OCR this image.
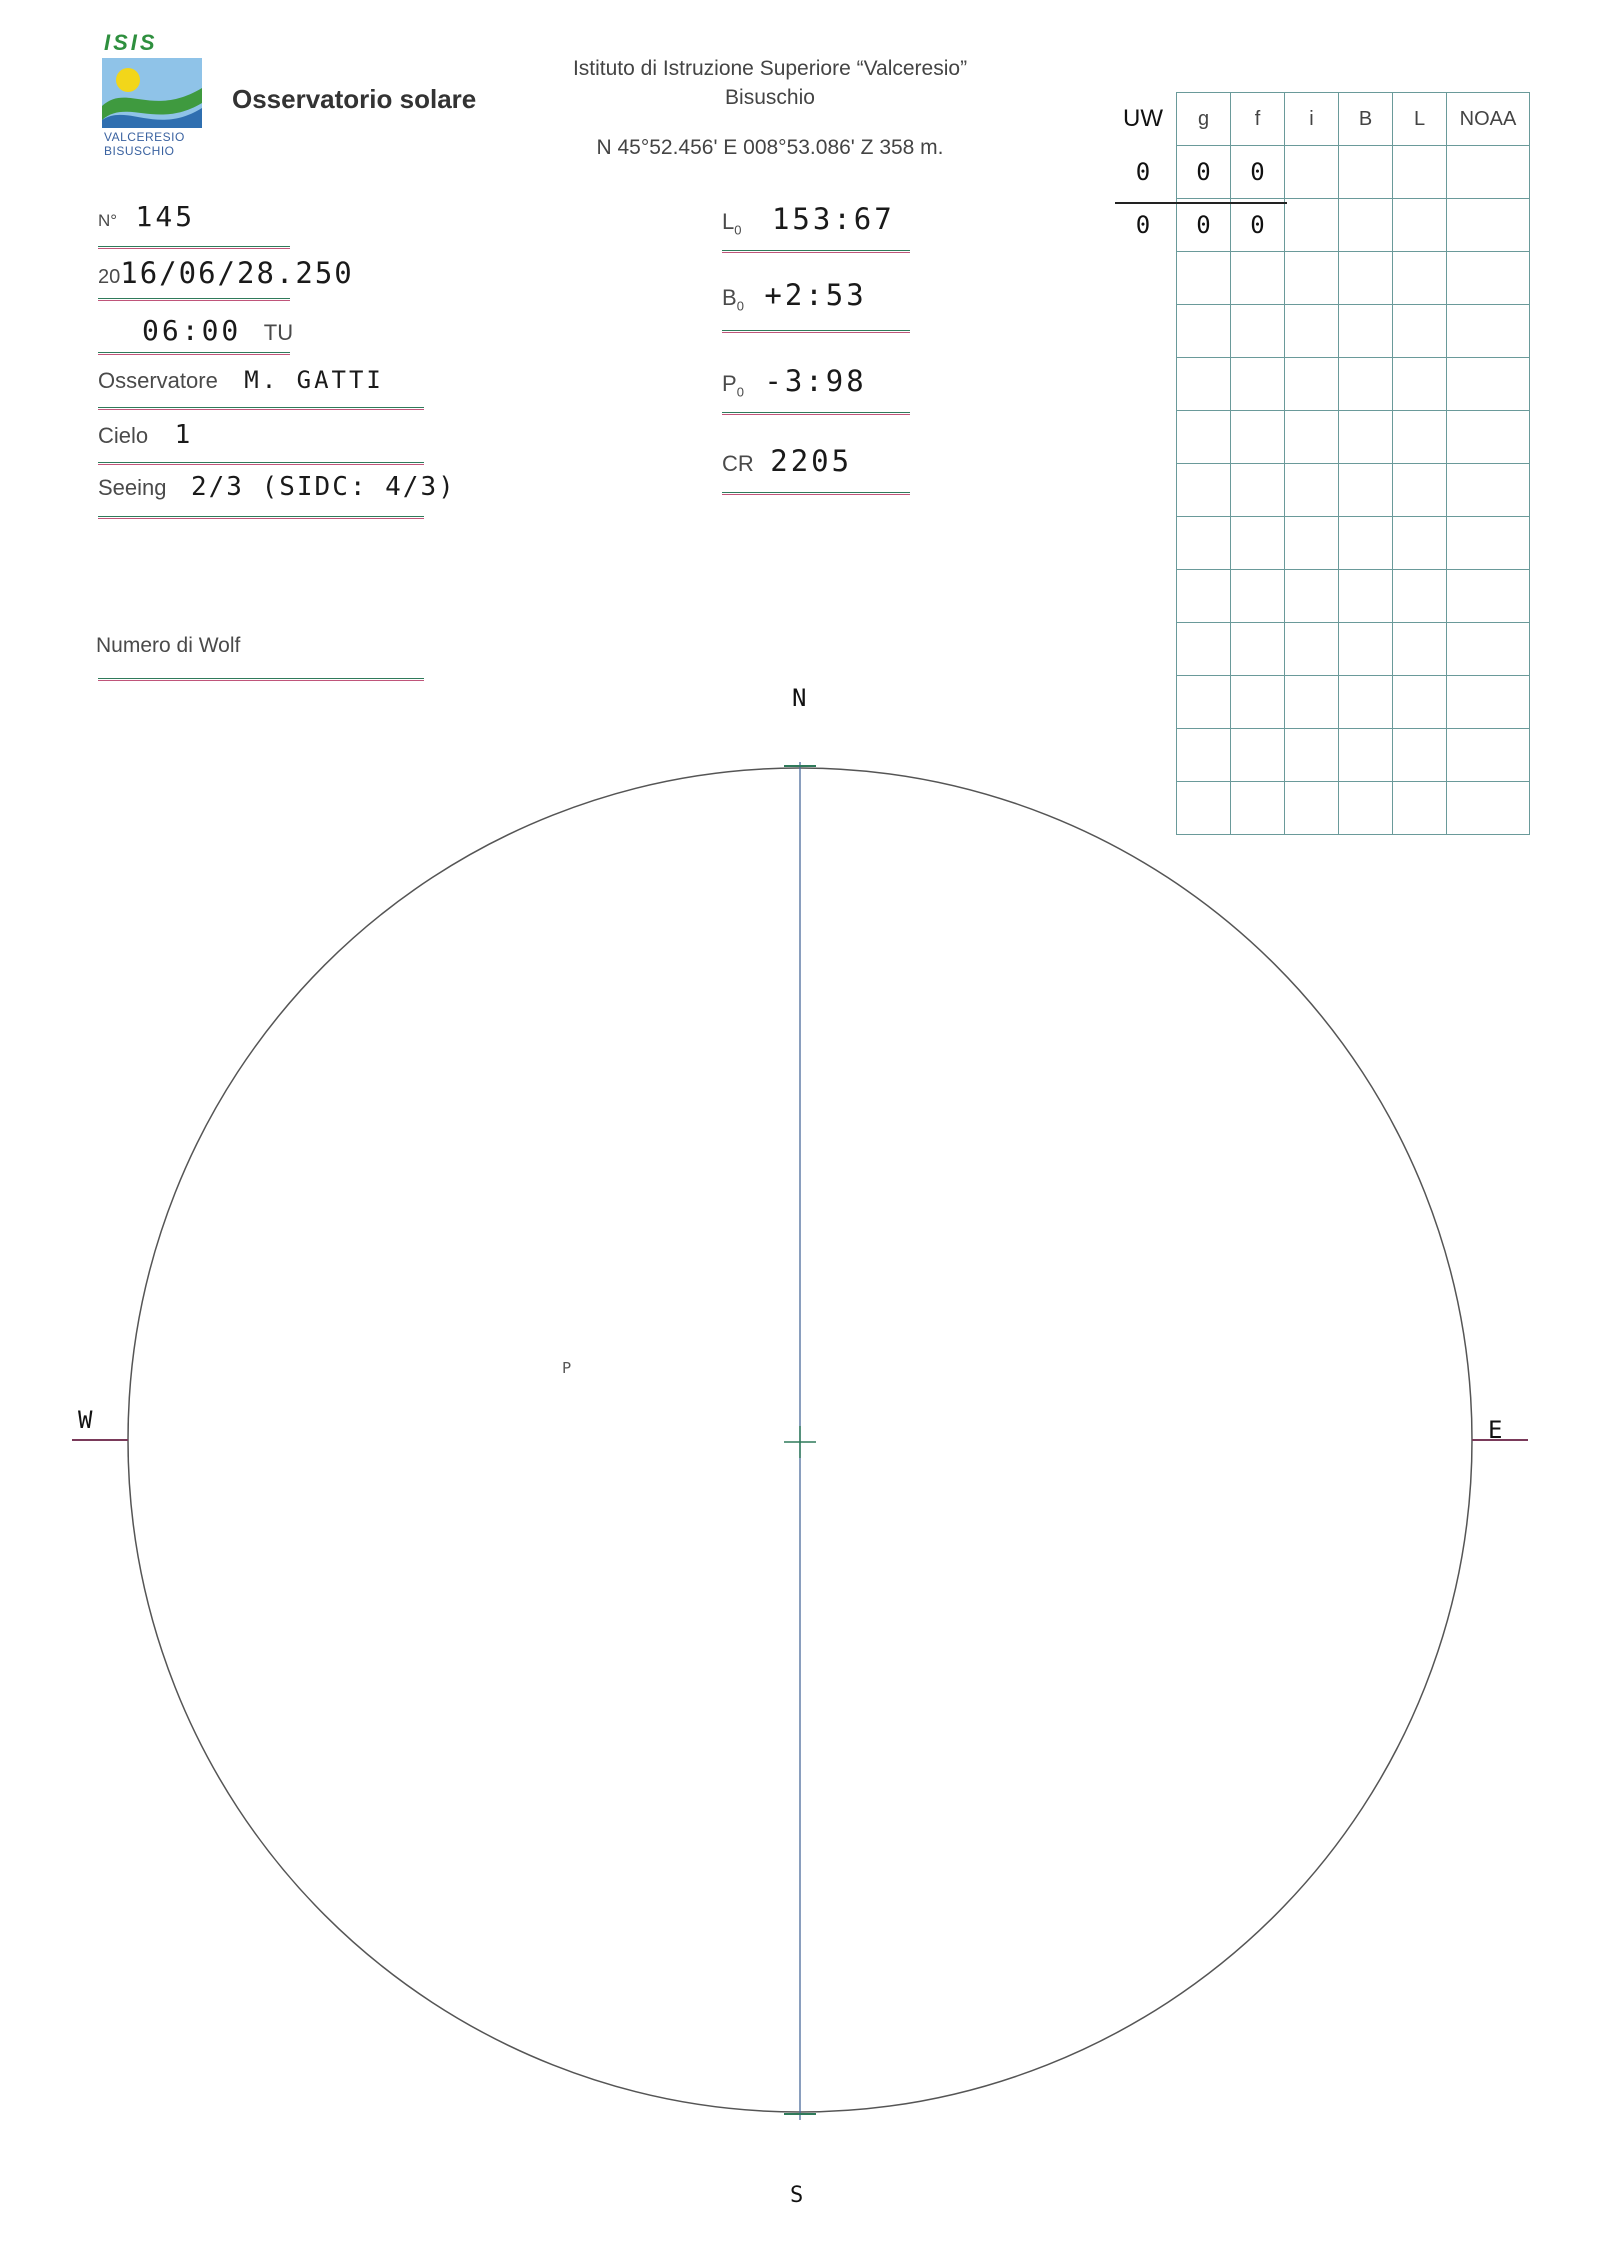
ISIS
VALCERESIO
BISUSCHIO
Osservatorio solare
Istituto di Istruzione Superiore “Valceresio”
Bisuschio
N 45°52.456' E 008°53.086' Z 358 m.
N° 145
2016/06/28.250
06:00 TU
Osservatore M. GATTI
Cielo 1
Seeing 2/3 (SIDC: 4/3)
Numero di Wolf
$L_0$ 153:67
$B_0$ +2:53
$P_0$ -3:98
CR 2205
UW	g	f	i	B	L	NOAA
0	0	0				
0	0	0				

N
S
W	E
P
